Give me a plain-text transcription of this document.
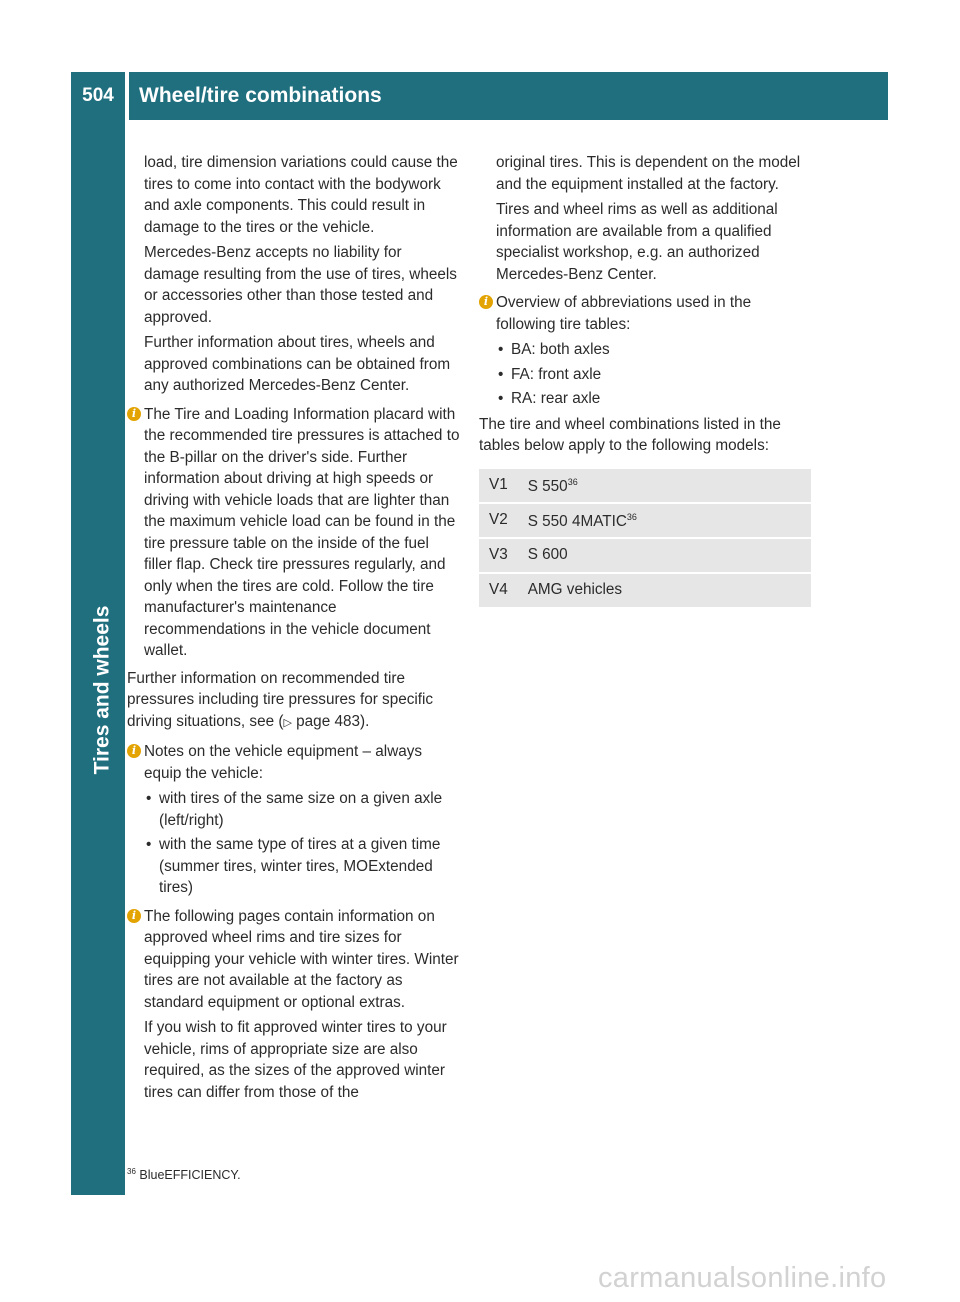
504	Wheel/tire combinations
Tires and wheels

load, tire dimension variations could cause the tires to come into contact with the bodywork and axle components. This could result in damage to the tires or the vehicle.

Mercedes-Benz accepts no liability for damage resulting from the use of tires, wheels or accessories other than those tested and approved.

Further information about tires, wheels and approved combinations can be obtained from any authorized Mercedes-Benz Center.

i The Tire and Loading Information placard with the recommended tire pressures is attached to the B-pillar on the driver's side. Further information about driving at high speeds or driving with vehicle loads that are lighter than the maximum vehicle load can be found in the tire pressure table on the inside of the fuel filler flap. Check tire pressures regularly, and only when the tires are cold. Follow the tire manufacturer's maintenance recommendations in the vehicle document wallet.

Further information on recommended tire pressures including tire pressures for specific driving situations, see (▷ page 483).

i Notes on the vehicle equipment – always equip the vehicle:

• with tires of the same size on a given axle (left/right)
• with the same type of tires at a given time (summer tires, winter tires, MOExtended tires)
i The following pages contain information on approved wheel rims and tire sizes for equipping your vehicle with winter tires. Winter tires are not available at the factory as standard equipment or optional extras.

If you wish to fit approved winter tires to your vehicle, rims of appropriate size are also required, as the sizes of the approved winter tires can differ from those of the

original tires. This is dependent on the model and the equipment installed at the factory.

Tires and wheel rims as well as additional information are available from a qualified specialist workshop, e.g. an authorized Mercedes-Benz Center.

i Overview of abbreviations used in the following tire tables:

• BA: both axles
• FA: front axle
• RA: rear axle

The tire and wheel combinations listed in the tables below apply to the following models:

V1	S $550^{36}$
V2	S 550 4MATIC$^{36}$
V3	S 600
V4	AMG vehicles
$^{36}$ BlueEFFICIENCY.
carmanualsonline.info
